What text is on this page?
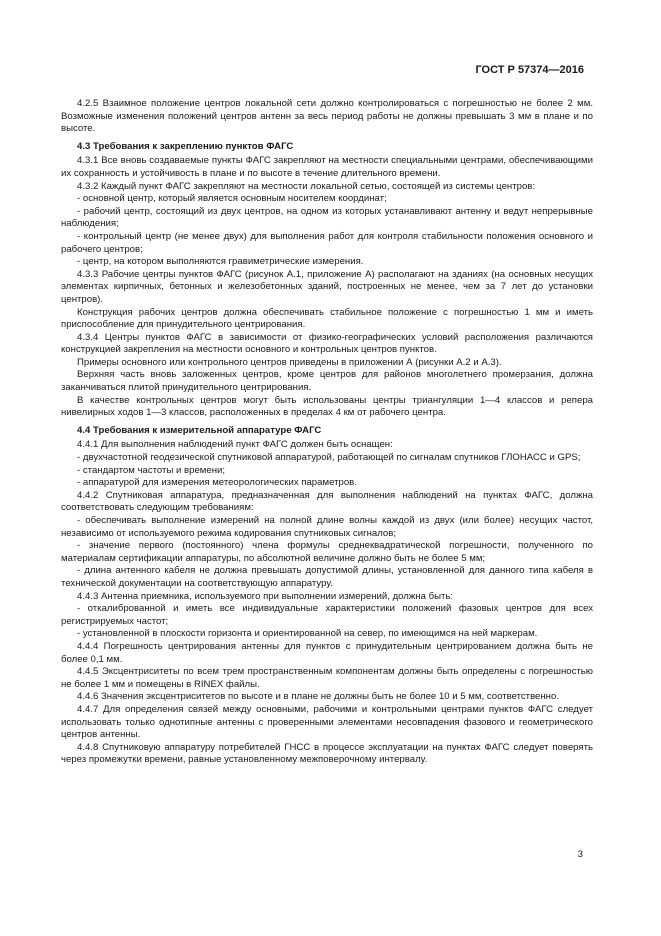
ГОСТ Р 57374—2016

4.2.5 Взаимное положение центров локальной сети должно контролироваться с погрешностью не более 2 мм. Возможные изменения положений центров антенн за весь период работы не должны превышать 3 мм в плане и по высоте.

4.3 Требования к закреплению пунктов ФАГС

4.3.1 Все вновь создаваемые пункты ФАГС закрепляют на местности специальными центрами, обеспечивающими их сохранность и устойчивость в плане и по высоте в течение длительного времени.

4.3.2 Каждый пункт ФАГС закрепляют на местности локальной сетью, состоящей из системы центров:

- основной центр, который является основным носителем координат;

- рабочий центр, состоящий из двух центров, на одном из которых устанавливают антенну и ведут непрерывные наблюдения;

- контрольный центр (не менее двух) для выполнения работ для контроля стабильности положения основного и рабочего центров;

- центр, на котором выполняются гравиметрические измерения.

4.3.3 Рабочие центры пунктов ФАГС (рисунок А.1, приложение А) располагают на зданиях (на основных несущих элементах кирпичных, бетонных и железобетонных зданий, построенных не менее, чем за 7 лет до установки центров).

Конструкция рабочих центров должна обеспечивать стабильное положение с погрешностью 1 мм и иметь приспособление для принудительного центрирования.

4.3.4 Центры пунктов ФАГС в зависимости от физико-географических условий расположения различаются конструкцией закрепления на местности основного и контрольных центров пунктов.

Примеры основного или контрольного центров приведены в приложении А (рисунки А.2 и А.3).

Верхняя часть вновь заложенных центров, кроме центров для районов многолетнего промерзания, должна заканчиваться плитой принудительного центрирования.

В качестве контрольных центров могут быть использованы центры триангуляции 1—4 классов и репера нивелирных ходов 1—3 классов, расположенных в пределах 4 км от рабочего центра.

4.4 Требования к измерительной аппаратуре ФАГС

4.4.1 Для выполнения наблюдений пункт ФАГС должен быть оснащен:

- двухчастотной геодезической спутниковой аппаратурой, работающей по сигналам спутников ГЛОНАСС и GPS;

- стандартом частоты и времени;

- аппаратурой для измерения метеорологических параметров.

4.4.2 Спутниковая аппаратура, предназначенная для выполнения наблюдений на пунктах ФАГС, должна соответствовать следующим требованиям:

- обеспечивать выполнение измерений на полной длине волны каждой из двух (или более) несущих частот, независимо от используемого режима кодирования спутниковых сигналов;

- значение первого (постоянного) члена формулы среднеквадратической погрешности, полученного по материалам сертификации аппаратуры, по абсолютной величине должно быть не более 5 мм;

- длина антенного кабеля не должна превышать допустимой длины, установленной для данного типа кабеля в технической документации на соответствующую аппаратуру.

4.4.3 Антенна приемника, используемого при выполнении измерений, должна быть:

- откалиброванной и иметь все индивидуальные характеристики положений фазовых центров для всех регистрируемых частот;

- установленной в плоскости горизонта и ориентированной на север, по имеющимся на ней маркерам.

4.4.4 Погрешность центрирования антенны для пунктов с принудительным центрированием должна быть не более 0,1 мм.

4.4.5 Эксцентриситеты по всем трем пространственным компонентам должны быть определены с погрешностью не более 1 мм и помещены в RINEX файлы.

4.4.6 Значения эксцентриситетов по высоте и в плане не должны быть не более 10 и 5 мм, соответственно.

4.4.7 Для определения связей между основными, рабочими и контрольными центрами пунктов ФАГС следует использовать только однотипные антенны с проверенными элементами несовпадения фазового и геометрического центров антенны.

4.4.8 Спутниковую аппаратуру потребителей ГНСС в процессе эксплуатации на пунктах ФАГС следует поверять через промежутки времени, равные установленному межповерочному интервалу.

3
